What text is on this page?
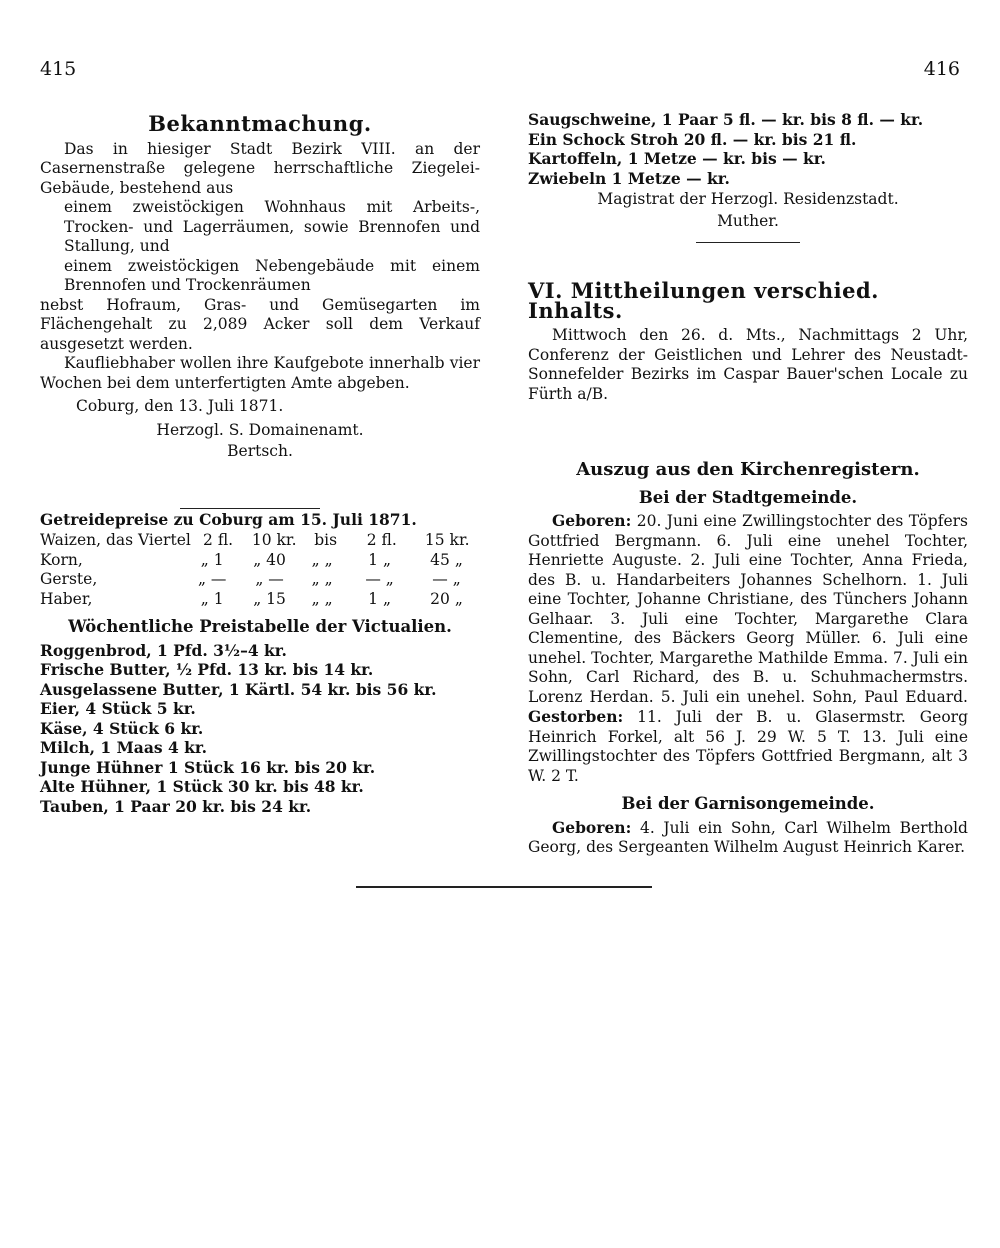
415	416

Bekanntmachung.

Das in hiesiger Stadt Bezirk VIII. an der Casernenstraße gelegene herrschaftliche Ziegelei-Gebäude, bestehend aus

einem zweistöckigen Wohnhaus mit Arbeits-, Trocken- und Lagerräumen, sowie Brennofen und Stallung, und

einem zweistöckigen Nebengebäude mit einem Brennofen und Trockenräumen

nebst Hofraum, Gras- und Gemüsegarten im Flächengehalt zu 2,089 Acker soll dem Verkauf ausgesetzt werden.

Kaufliebhaber wollen ihre Kaufgebote innerhalb vier Wochen bei dem unterfertigten Amte abgeben.

Coburg, den 13. Juli 1871.

Herzogl. S. Domainenamt.

Bertsch.

Getreidepreise zu Coburg am 15. Juli 1871.

Waizen, das Viertel 2 fl.	10 kr.	bis	2 fl.	15 kr.
Korn,	„ 1	„ 40	„ „	1 „	45 „
Gerste,	„ —	„ —	„ „	— „	— „
Haber,	„ 1	„ 15	„ „	1 „	20 „

Wöchentliche Preistabelle der Victualien.

Roggenbrod, 1 Pfd. 3½–4 kr.

Frische Butter, ½ Pfd. 13 kr. bis 14 kr.

Ausgelassene Butter, 1 Kärtl. 54 kr. bis 56 kr.

Eier, 4 Stück 5 kr.

Käse, 4 Stück 6 kr.

Milch, 1 Maas 4 kr.

Junge Hühner 1 Stück 16 kr. bis 20 kr.

Alte Hühner, 1 Stück 30 kr. bis 48 kr.

Tauben, 1 Paar 20 kr. bis 24 kr.

Saugschweine, 1 Paar 5 fl. — kr. bis 8 fl. — kr.

Ein Schock Stroh 20 fl. — kr. bis 21 fl.

Kartoffeln, 1 Metze — kr. bis — kr.

Zwiebeln 1 Metze — kr.

Magistrat der Herzogl. Residenzstadt.

Muther.

VI. Mittheilungen verschied. Inhalts.

Mittwoch den 26. d. Mts., Nachmittags 2 Uhr, Conferenz der Geistlichen und Lehrer des Neustadt-Sonnefelder Bezirks im Caspar Bauer'schen Locale zu Fürth a/B.

Auszug aus den Kirchenregistern.

Bei der Stadtgemeinde.

Geboren: 20. Juni eine Zwillingstochter des Töpfers Gottfried Bergmann. 6. Juli eine unehel Tochter, Henriette Auguste. 2. Juli eine Tochter, Anna Frieda, des B. u. Handarbeiters Johannes Schelhorn. 1. Juli eine Tochter, Johanne Christiane, des Tünchers Johann Gelhaar. 3. Juli eine Tochter, Margarethe Clara Clementine, des Bäckers Georg Müller. 6. Juli eine unehel. Tochter, Margarethe Mathilde Emma. 7. Juli ein Sohn, Carl Richard, des B. u. Schuhmachermstrs. Lorenz Herdan. 5. Juli ein unehel. Sohn, Paul Eduard. Gestorben: 11. Juli der B. u. Glasermstr. Georg Heinrich Forkel, alt 56 J. 29 W. 5 T. 13. Juli eine Zwillingstochter des Töpfers Gottfried Bergmann, alt 3 W. 2 T.

Bei der Garnisongemeinde.

Geboren: 4. Juli ein Sohn, Carl Wilhelm Berthold Georg, des Sergeanten Wilhelm August Heinrich Karer.
